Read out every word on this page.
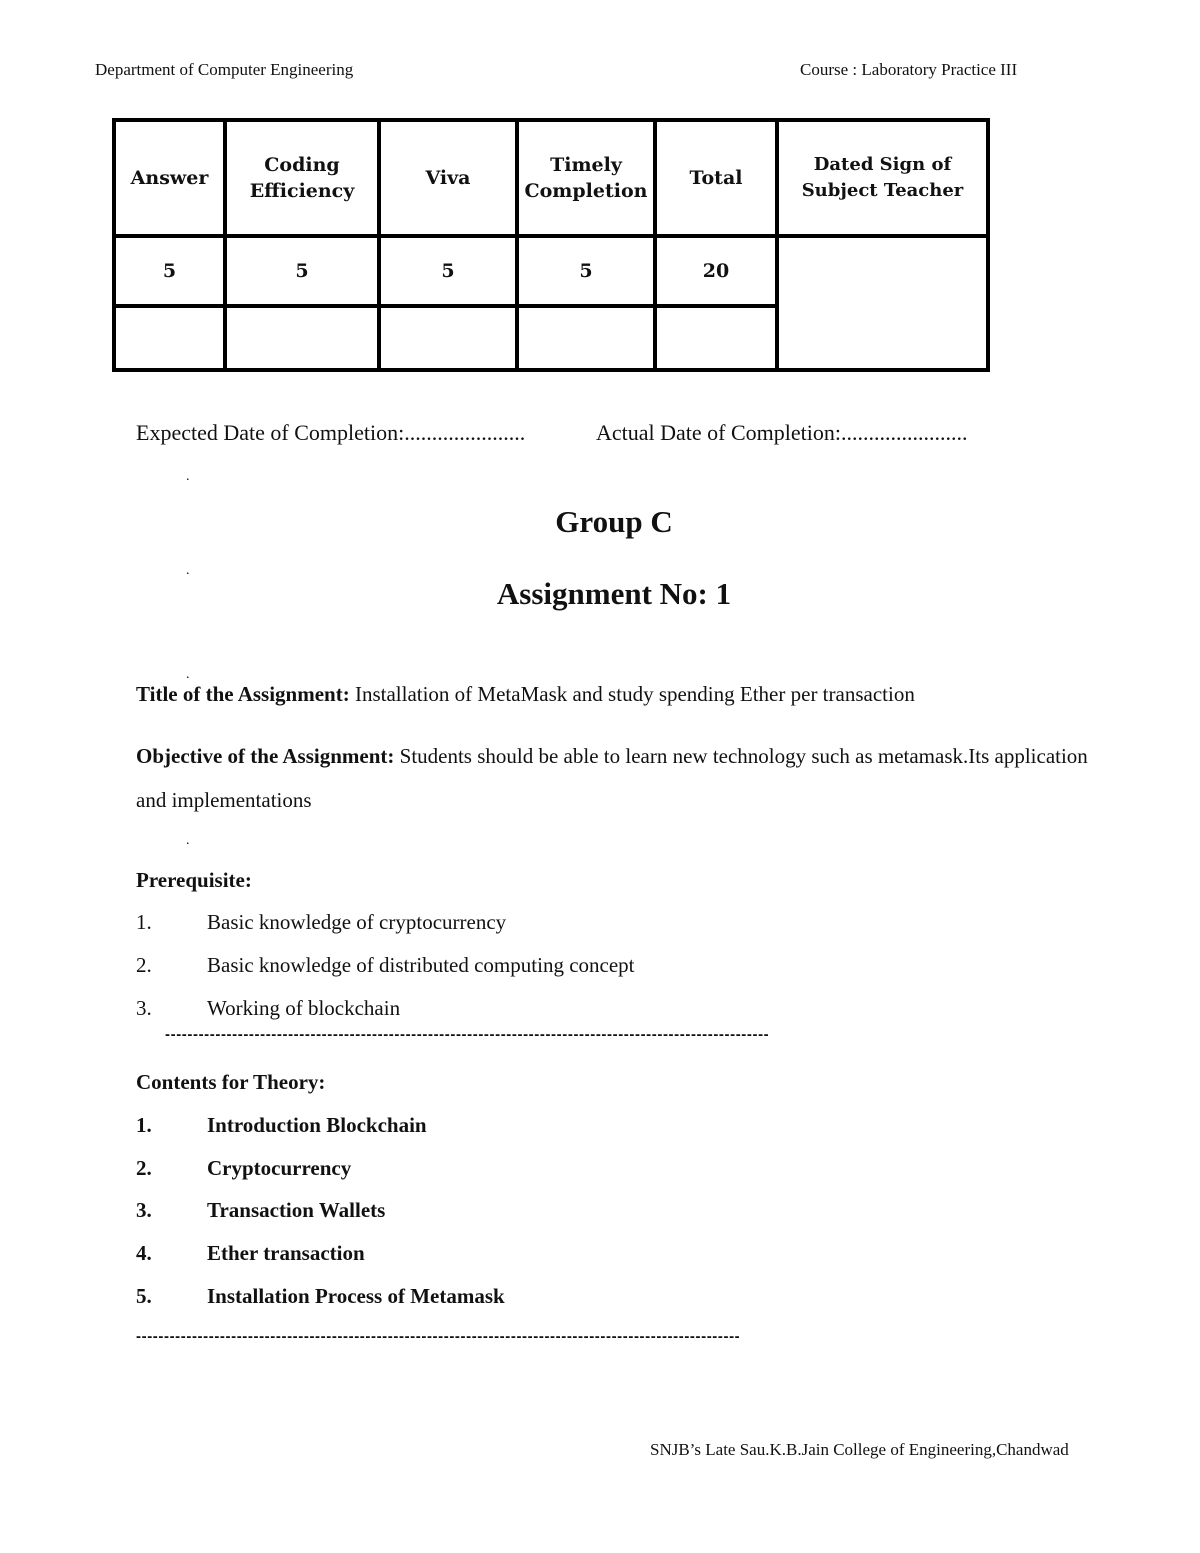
Department of Computer Engineering	Course : Laboratory Practice III
Answer	Coding Efficiency	Viva	Timely Completion	Total	Dated Sign of Subject Teacher
5	5	5	5	20	

Expected Date of Completion:......................	Actual Date of Completion:.......................
.
.
.
.
Group C
Assignment No: 1
Title of the Assignment: Installation of MetaMask and study spending Ether per transaction
Objective of the Assignment: Students should be able to learn new technology such as metamask.Its application and implementations
Prerequisite:
1.	Basic knowledge of cryptocurrency
2.	Basic knowledge of distributed computing concept
3.	Working of blockchain
------------------------------------------------------------------------------------------------------------
Contents for Theory:
1.	Introduction Blockchain
2.	Cryptocurrency
3.	Transaction Wallets
4.	Ether transaction
5.	Installation Process of Metamask
------------------------------------------------------------------------------------------------------------
SNJB’s Late Sau.K.B.Jain College of Engineering,Chandwad
